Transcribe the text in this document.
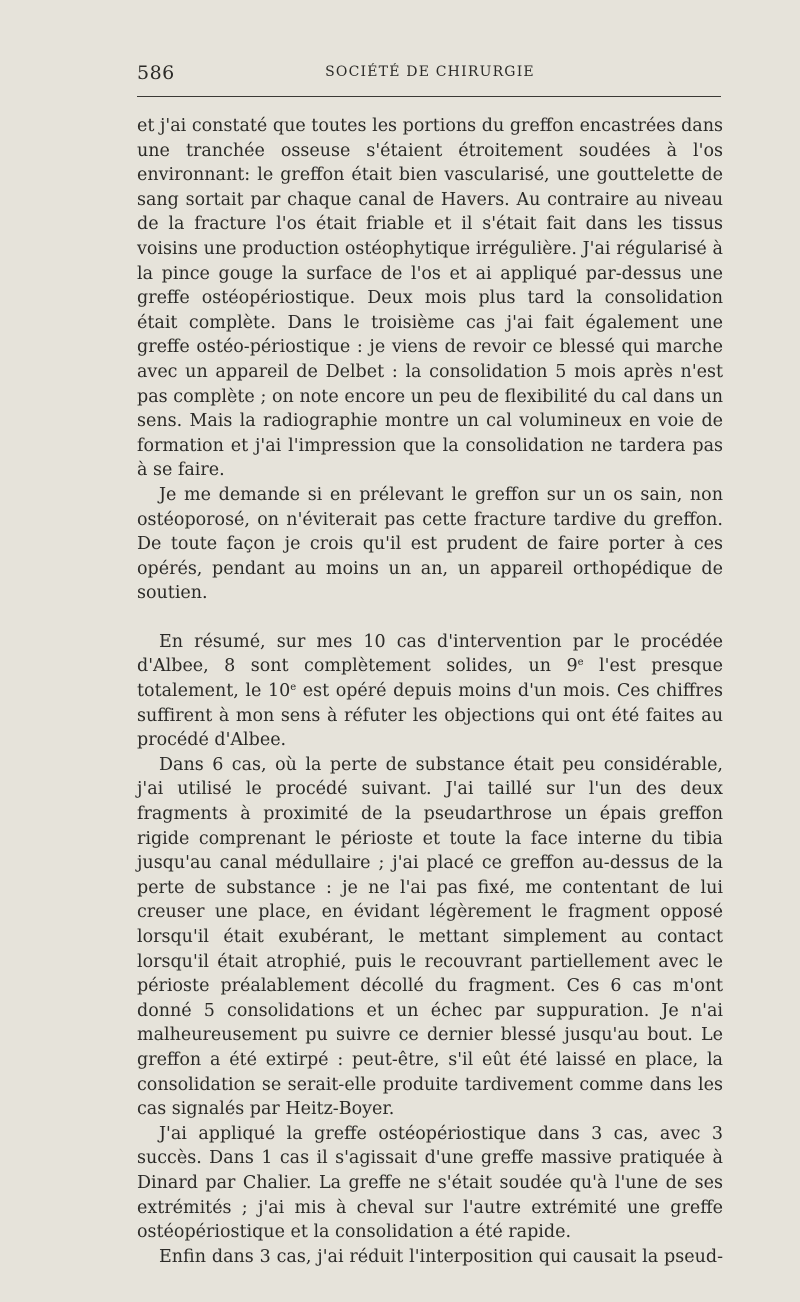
586	SOCIÉTÉ DE CHIRURGIE

et j'ai constaté que toutes les portions du greffon encastrées dans une tranchée osseuse s'étaient étroitement soudées à l'os environnant: le greffon était bien vascularisé, une gouttelette de sang sortait par chaque canal de Havers. Au contraire au niveau de la fracture l'os était friable et il s'était fait dans les tissus voisins une production ostéophytique irrégulière. J'ai régularisé à la pince gouge la surface de l'os et ai appliqué par-dessus une greffe ostéopériostique. Deux mois plus tard la consolidation était complète. Dans le troisième cas j'ai fait également une greffe ostéo-périostique : je viens de revoir ce blessé qui marche avec un appareil de Delbet : la consolidation 5 mois après n'est pas complète ; on note encore un peu de flexibilité du cal dans un sens. Mais la radiographie montre un cal volumineux en voie de formation et j'ai l'impression que la consolidation ne tardera pas à se faire.

Je me demande si en prélevant le greffon sur un os sain, non ostéoporosé, on n'éviterait pas cette fracture tardive du greffon. De toute façon je crois qu'il est prudent de faire porter à ces opérés, pendant au moins un an, un appareil orthopédique de soutien.

En résumé, sur mes 10 cas d'intervention par le procédée d'Albee, 8 sont complètement solides, un 9e l'est presque totalement, le 10e est opéré depuis moins d'un mois. Ces chiffres suffirent à mon sens à réfuter les objections qui ont été faites au procédé d'Albee.

Dans 6 cas, où la perte de substance était peu considérable, j'ai utilisé le procédé suivant. J'ai taillé sur l'un des deux fragments à proximité de la pseudarthrose un épais greffon rigide comprenant le périoste et toute la face interne du tibia jusqu'au canal médullaire ; j'ai placé ce greffon au-dessus de la perte de substance : je ne l'ai pas fixé, me contentant de lui creuser une place, en évidant légèrement le fragment opposé lorsqu'il était exubérant, le mettant simplement au contact lorsqu'il était atrophié, puis le recouvrant partiellement avec le périoste préalablement décollé du fragment. Ces 6 cas m'ont donné 5 consolidations et un échec par suppuration. Je n'ai malheureusement pu suivre ce dernier blessé jusqu'au bout. Le greffon a été extirpé : peut-être, s'il eût été laissé en place, la consolidation se serait-elle produite tardivement comme dans les cas signalés par Heitz-Boyer.

J'ai appliqué la greffe ostéopériostique dans 3 cas, avec 3 succès. Dans 1 cas il s'agissait d'une greffe massive pratiquée à Dinard par Chalier. La greffe ne s'était soudée qu'à l'une de ses extrémités ; j'ai mis à cheval sur l'autre extrémité une greffe ostéopériostique et la consolidation a été rapide.

Enfin dans 3 cas, j'ai réduit l'interposition qui causait la pseud-
